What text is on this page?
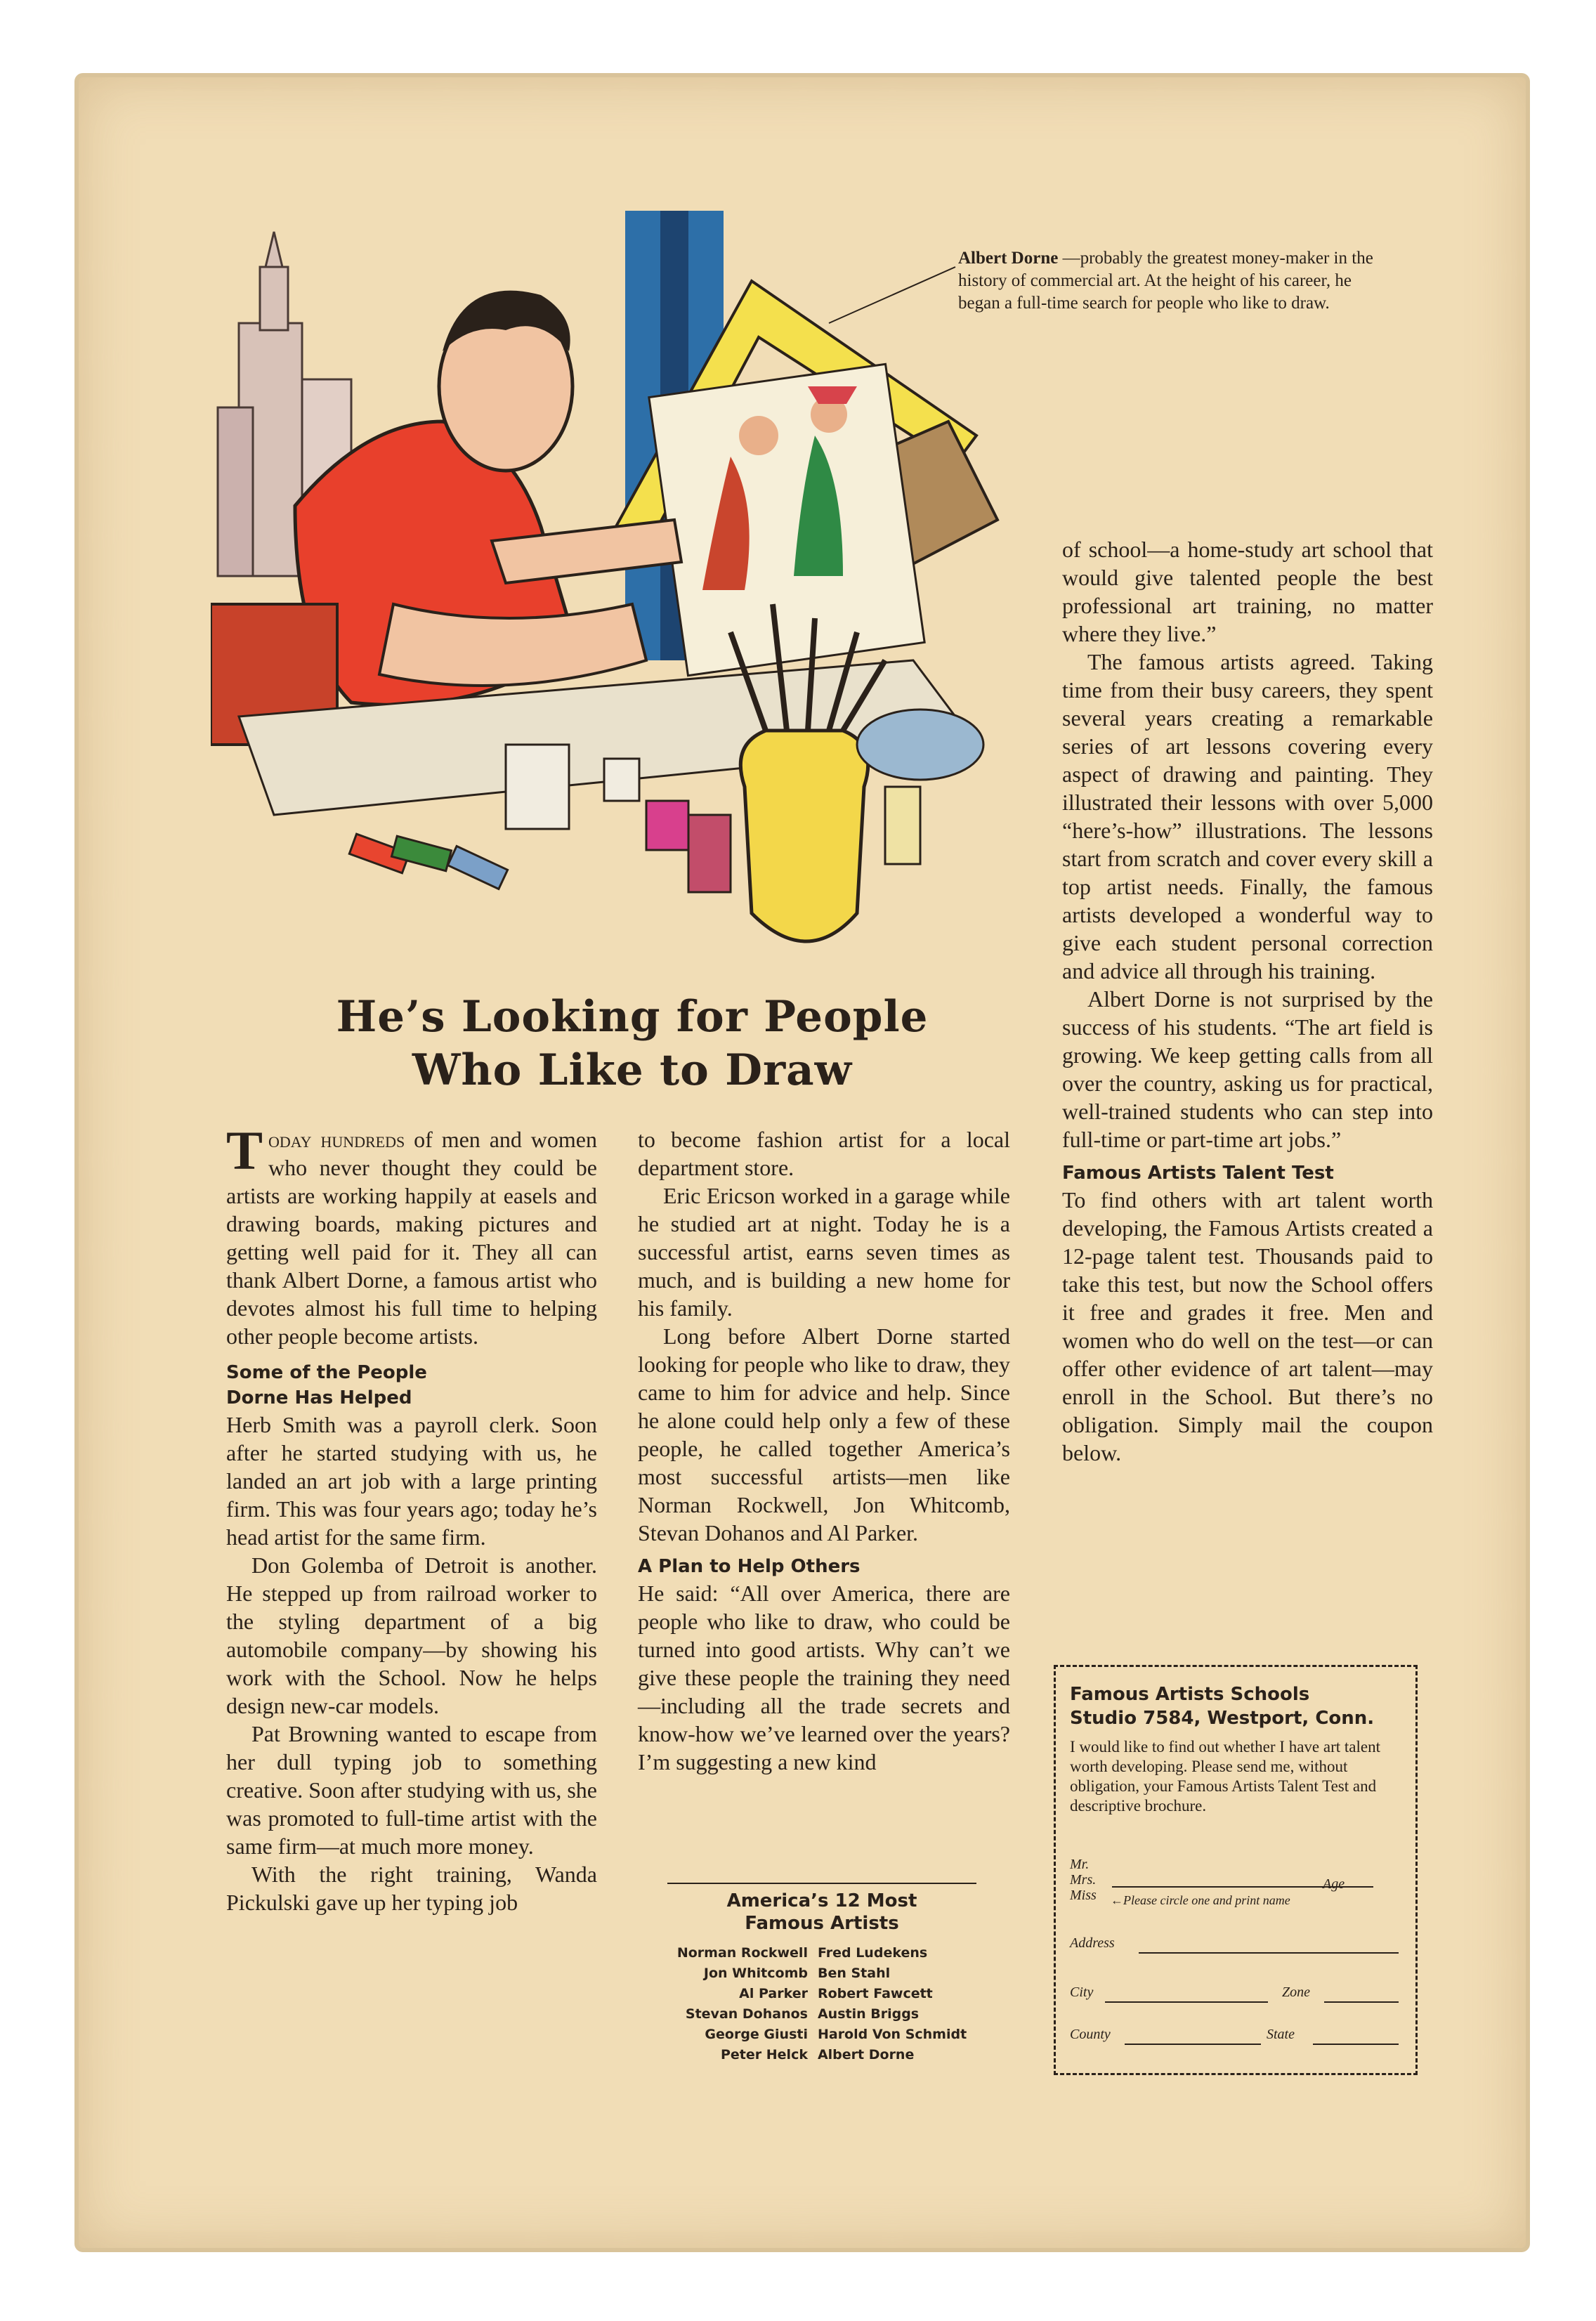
Albert Dorne —probably the greatest money-maker in the history of commercial art. At the height of his career, he began a full-time search for people who like to draw.
He’s Looking for People
Who Like to Draw

Today hundreds of men and women who never thought they could be artists are working happily at easels and drawing boards, making pictures and getting well paid for it. They all can thank Albert Dorne, a famous artist who devotes almost his full time to helping other people become artists.

Some of the People
Dorne Has Helped

Herb Smith was a payroll clerk. Soon after he started studying with us, he landed an art job with a large printing firm. This was four years ago; today he’s head artist for the same firm.

Don Golemba of Detroit is another. He stepped up from railroad worker to the styling department of a big automobile company—by showing his work with the School. Now he helps design new-car models.

Pat Browning wanted to escape from her dull typing job to something creative. Soon after studying with us, she was promoted to full-time artist with the same firm—at much more money.

With the right training, Wanda Pickulski gave up her typing job

to become fashion artist for a local department store.

Eric Ericson worked in a garage while he studied art at night. Today he is a successful artist, earns seven times as much, and is building a new home for his family.

Long before Albert Dorne started looking for people who like to draw, they came to him for advice and help. Since he alone could help only a few of these people, he called together America’s most successful artists—men like Norman Rockwell, Jon Whitcomb, Stevan Dohanos and Al Parker.

A Plan to Help Others

He said: “All over America, there are people who like to draw, who could be turned into good artists. Why can’t we give these people the training they need—including all the trade secrets and know-how we’ve learned over the years? I’m suggesting a new kind

of school—a home-study art school that would give talented people the best professional art training, no matter where they live.”

The famous artists agreed. Taking time from their busy careers, they spent several years creating a remarkable series of art lessons covering every aspect of drawing and painting. They illustrated their lessons with over 5,000 “here’s-how” illustrations. The lessons start from scratch and cover every skill a top artist needs. Finally, the famous artists developed a wonderful way to give each student personal correction and advice all through his training.

Albert Dorne is not surprised by the success of his students. “The art field is growing. We keep getting calls from all over the country, asking us for practical, well-trained students who can step into full-time or part-time art jobs.”

Famous Artists Talent Test

To find others with art talent worth developing, the Famous Artists created a 12-page talent test. Thousands paid to take this test, but now the School offers it free and grades it free. Men and women who do well on the test—or can offer other evidence of art talent—may enroll in the School. But there’s no obligation. Simply mail the coupon below.

America’s 12 Most
Famous Artists
Norman Rockwell
Jon Whitcomb
Al Parker
Stevan Dohanos
George Giusti
Peter Helck
Fred Ludekens
Ben Stahl
Robert Fawcett
Austin Briggs
Harold Von Schmidt
Albert Dorne
Famous Artists Schools
Studio 7584, Westport, Conn.
I would like to find out whether I have art talent worth developing. Please send me, without obligation, your Famous Artists Talent Test and descriptive brochure.
Mr.
Mrs.
Miss
Age
←Please circle one and print name
Address
City	Zone
County	State
